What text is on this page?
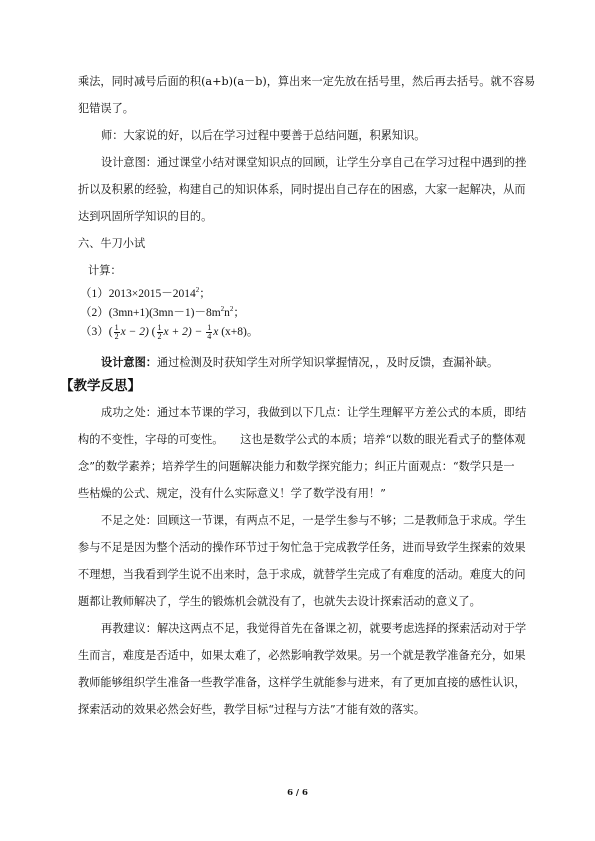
乘法，同时减号后面的积(a+b)(a－b)，算出来一定先放在括号里，然后再去括号。就不容易
犯错误了。
师：大家说的好，以后在学习过程中要善于总结问题，积累知识。
设计意图：通过课堂小结对课堂知识点的回顾，让学生分享自己在学习过程中遇到的挫
折以及积累的经验，构建自己的知识体系，同时提出自己存在的困惑，大家一起解决，从而
达到巩固所学知识的目的。
六、牛刀小试
计算：
$(1)2013\times 2015-2014^2$；
$(2)(3mn+1)(3mn-1)-8m^2n^2$；
$(3)( \frac{1}{2}$ x − 2) ( $\frac{1}{2}$ $x + 2) - \frac{1}{4}$ x (x+8)。
设计意图：通过检测及时获知学生对所学知识掌握情况，，及时反馈，查漏补缺。
【教学反思】
成功之处：通过本节课的学习，我做到以下几点：让学生理解平方差公式的本质，即结
构的不变性，字母的可变性。　　这也是数学公式的本质；培养“以数的眼光看式子的整体观
念”的数学素养；培养学生的问题解决能力和数学探究能力；纠正片面观点：“数学只是一
些枯燥的公式、规定，没有什么实际意义！学了数学没有用！”
不足之处：回顾这一节课，有两点不足，一是学生参与不够；二是教师急于求成。学生
参与不足是因为整个活动的操作环节过于匆忙急于完成教学任务，进而导致学生探索的效果
不理想，当我看到学生说不出来时，急于求成，就替学生完成了有难度的活动。难度大的问
题都让教师解决了，学生的锻炼机会就没有了，也就失去设计探索活动的意义了。
再教建议：解决这两点不足，我觉得首先在备课之初，就要考虑选择的探索活动对于学
生而言，难度是否适中，如果太难了，必然影响教学效果。另一个就是教学准备充分，如果
教师能够组织学生准备一些教学准备，这样学生就能参与进来，有了更加直接的感性认识，
探索活动的效果必然会好些，教学目标“过程与方法”才能有效的落实。
6 / 6
